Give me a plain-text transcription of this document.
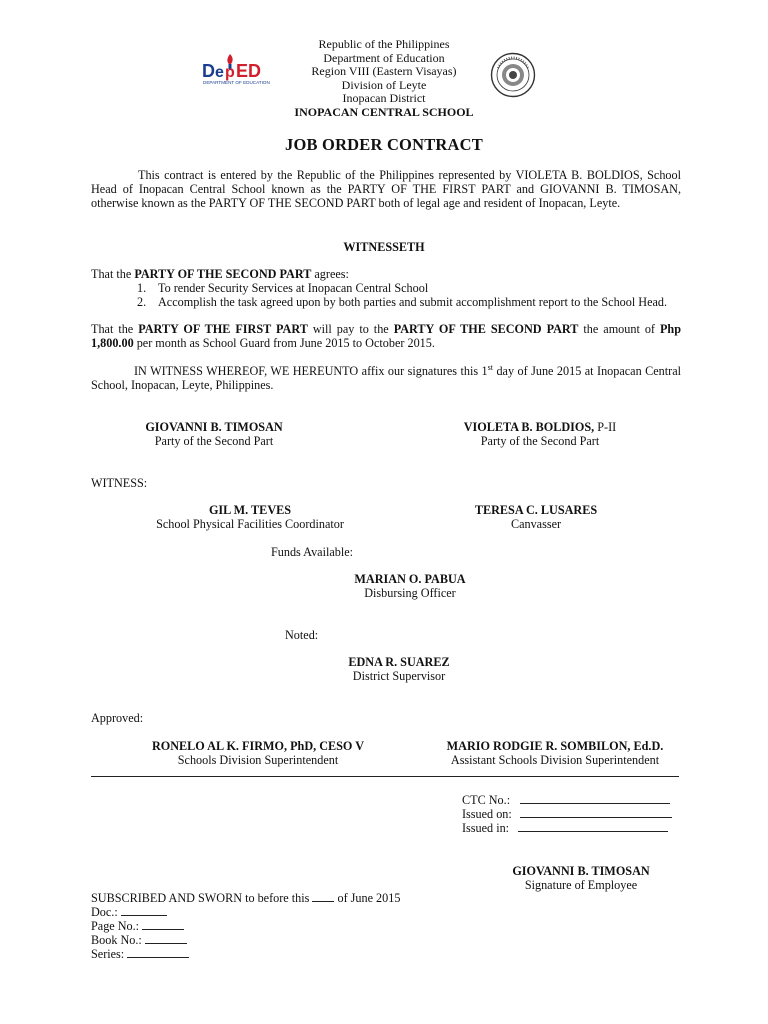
D e p ED
DEPARTMENT OF EDUCATION
Republic of the Philippines
Department of Education
Region VIII (Eastern Visayas)
Division of Leyte
Inopacan District
INOPACAN CENTRAL SCHOOL
JOB ORDER CONTRACT

This contract is entered by the Republic of the Philippines represented by VIOLETA B. BOLDIOS, School Head of Inopacan Central School known as the PARTY OF THE FIRST PART and GIOVANNI B. TIMOSAN, otherwise known as the PARTY OF THE SECOND PART both of legal age and resident of Inopacan, Leyte.

WITNESSETH

That the PARTY OF THE SECOND PART agrees:

1. To render Security Services at Inopacan Central School
2. Accomplish the task agreed upon by both parties and submit accomplishment report to the School Head.

That the PARTY OF THE FIRST PART will pay to the PARTY OF THE SECOND PART the amount of Php 1,800.00 per month as School Guard from June 2015 to October 2015.

IN WITNESS WHEREOF, WE HEREUNTO affix our signatures this 1st day of June 2015 at Inopacan Central School, Inopacan, Leyte, Philippines.

GIOVANNI B. TIMOSAN
Party of the Second Part
VIOLETA B. BOLDIOS, P-II
Party of the Second Part
WITNESS:
GIL M. TEVES
School Physical Facilities Coordinator
TERESA C. LUSARES
Canvasser
Funds Available:
MARIAN O. PABUA
Disbursing Officer
Noted:
EDNA R. SUAREZ
District Supervisor
Approved:
RONELO AL K. FIRMO, PhD, CESO V
Schools Division Superintendent
MARIO RODGIE R. SOMBILON, Ed.D.
Assistant Schools Division Superintendent
CTC No.:
Issued on:
Issued in:
GIOVANNI B. TIMOSAN
Signature of Employee
SUBSCRIBED AND SWORN to before this  of June 2015
Doc.:
Page No.:
Book No.:
Series:
